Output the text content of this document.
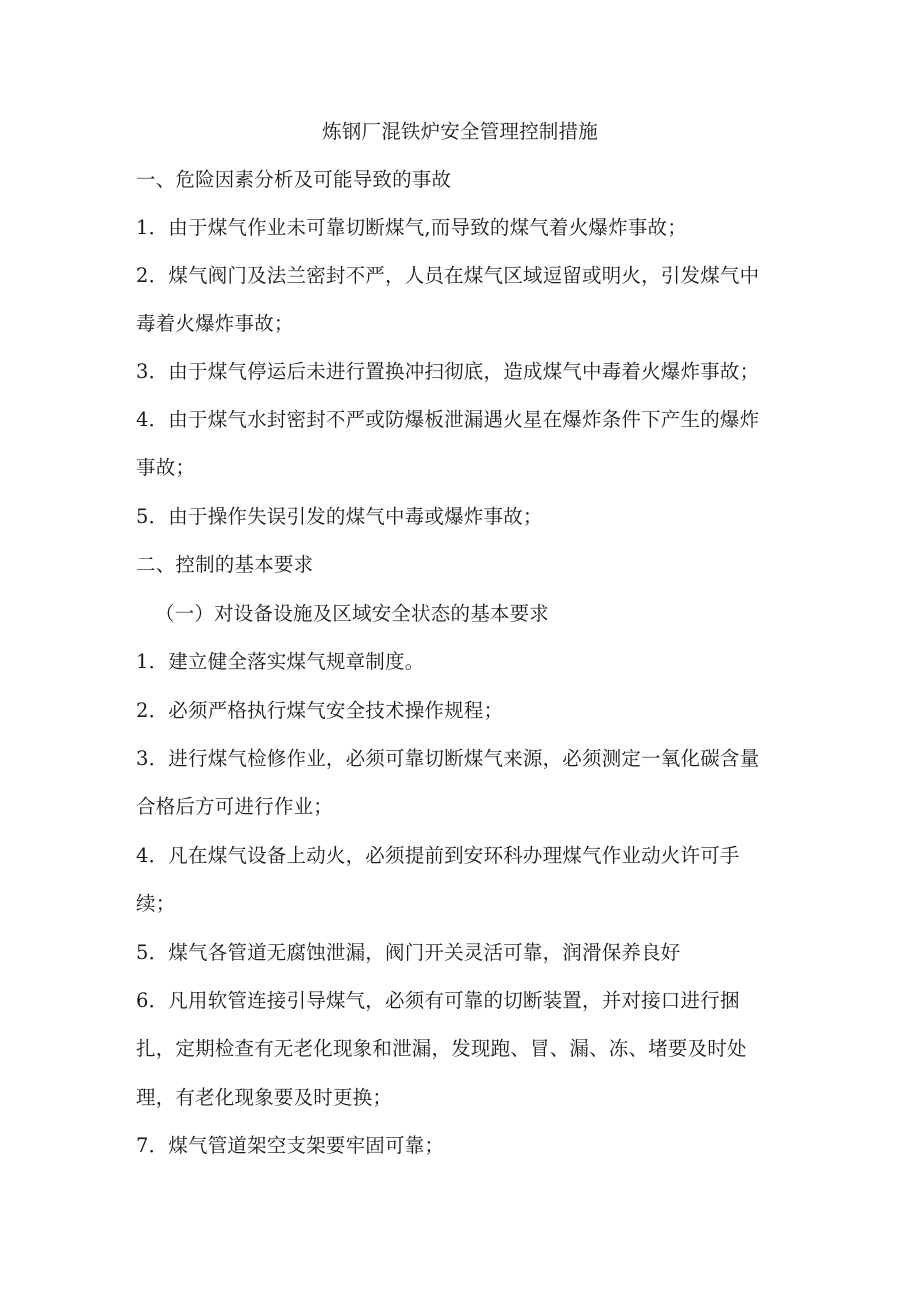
炼钢厂混铁炉安全管理控制措施
一、危险因素分析及可能导致的事故
1．由于煤气作业未可靠切断煤气,而导致的煤气着火爆炸事故；
2．煤气阀门及法兰密封不严，人员在煤气区域逗留或明火，引发煤气中
毒着火爆炸事故；
3．由于煤气停运后未进行置换冲扫彻底，造成煤气中毒着火爆炸事故；
4．由于煤气水封密封不严或防爆板泄漏遇火星在爆炸条件下产生的爆炸
事故；
5．由于操作失误引发的煤气中毒或爆炸事故；
二、控制的基本要求
（一）对设备设施及区域安全状态的基本要求
1．建立健全落实煤气规章制度。
2．必须严格执行煤气安全技术操作规程；
3．进行煤气检修作业，必须可靠切断煤气来源，必须测定一氧化碳含量
合格后方可进行作业；
4．凡在煤气设备上动火，必须提前到安环科办理煤气作业动火许可手
续；
5．煤气各管道无腐蚀泄漏，阀门开关灵活可靠，润滑保养良好
6．凡用软管连接引导煤气，必须有可靠的切断装置，并对接口进行捆
扎，定期检查有无老化现象和泄漏，发现跑、冒、漏、冻、堵要及时处
理，有老化现象要及时更换；
7．煤气管道架空支架要牢固可靠；
